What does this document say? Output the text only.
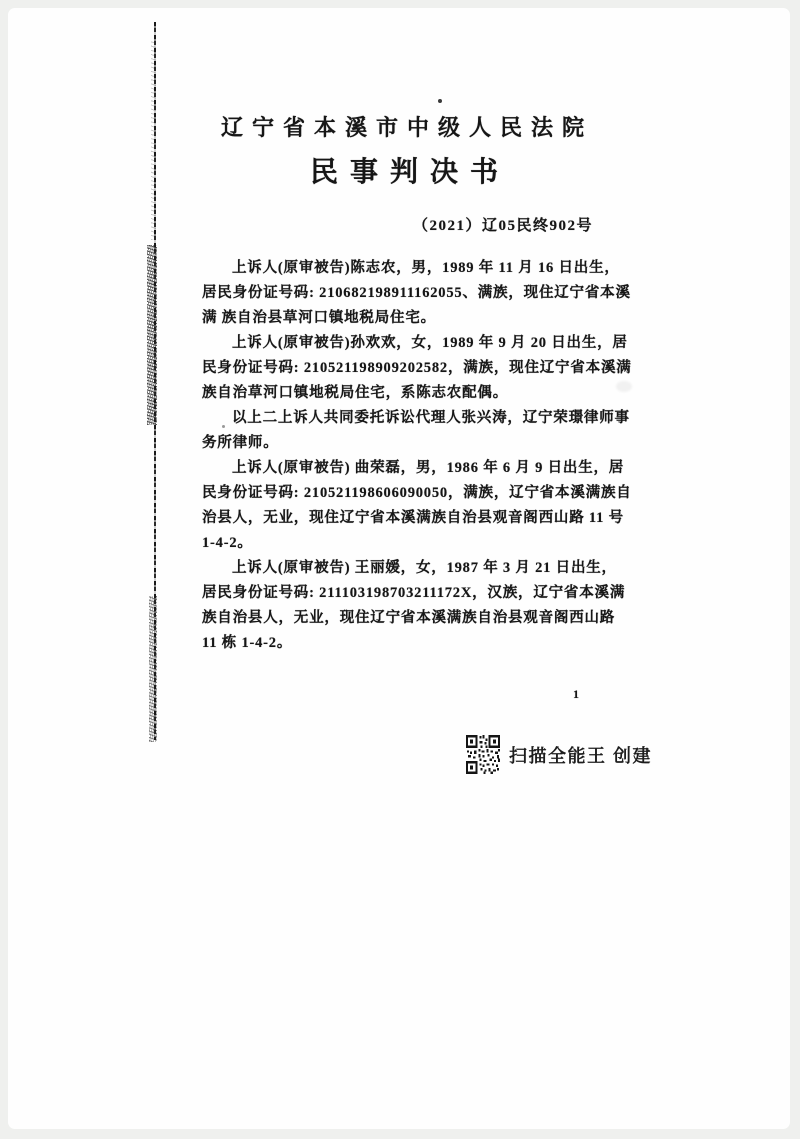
辽宁省本溪市中级人民法院
民事判决书
（2021）辽05民终902号
上诉人(原审被告)陈志农，男，1989 年 11 月 16 日出生，
居民身份证号码: 210682198911162055、满族，现住辽宁省本溪
满 族自治县草河口镇地税局住宅。
上诉人(原审被告)孙欢欢，女，1989 年 9 月 20 日出生，居
民身份证号码: 210521198909202582，满族，现住辽宁省本溪满
族自治草河口镇地税局住宅，系陈志农配偶。
以上二上诉人共同委托诉讼代理人张兴涛，辽宁荣璟律师事
务所律师。
上诉人(原审被告) 曲荣磊，男，1986 年 6 月 9 日出生，居
民身份证号码: 210521198606090050，满族，辽宁省本溪满族自
治县人，无业，现住辽宁省本溪满族自治县观音阁西山路 11 号
1-4-2。
上诉人(原审被告) 王丽媛，女，1987 年 3 月 21 日出生，
居民身份证号码: 211103198703211172X，汉族，辽宁省本溪满
族自治县人，无业，现住辽宁省本溪满族自治县观音阁西山路
11 栋 1-4-2。
1
扫描全能王 创建
